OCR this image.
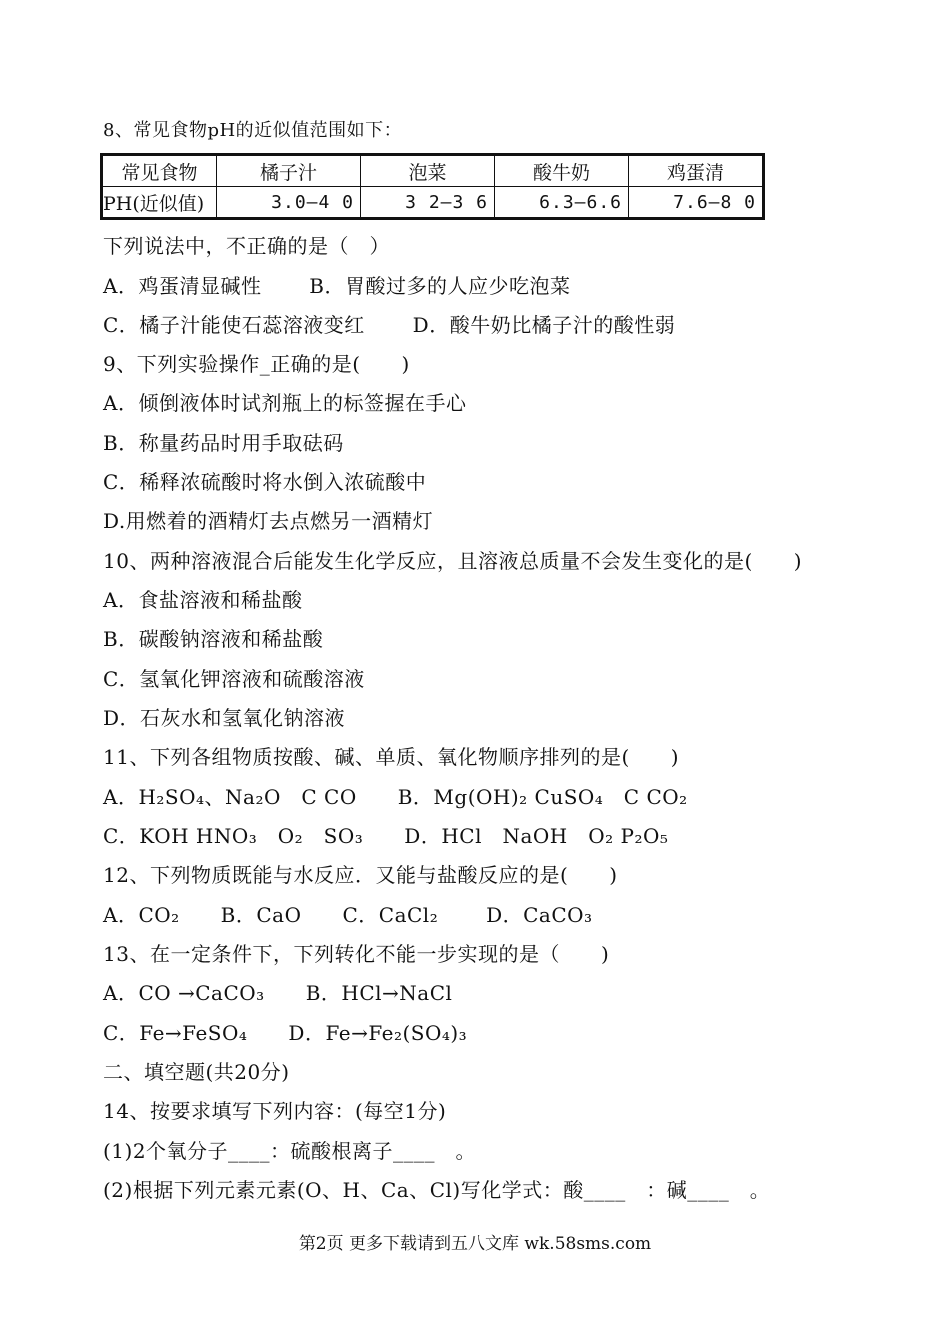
8、常见食物pH的近似值范围如下：
常见食物	橘子汁	泡菜	酸牛奶	鸡蛋清
PH(近似值)	3.0—4 0	3 2—3 6	6.3—6.6	7.6—8 0
下列说法中，不正确的是（　）
A．鸡蛋清显碱性　　 B．胃酸过多的人应少吃泡菜
C．橘子汁能使石蕊溶液变红　　 D．酸牛奶比橘子汁的酸性弱
9、下列实验操作_正确的是(　　)
A．倾倒液体时试剂瓶上的标签握在手心
B．称量药品时用手取砝码
C．稀释浓硫酸时将水倒入浓硫酸中
D.用燃着的酒精灯去点燃另一酒精灯
10、两种溶液混合后能发生化学反应，且溶液总质量不会发生变化的是(　　)
A．食盐溶液和稀盐酸
B．碳酸钠溶液和稀盐酸
C．氢氧化钾溶液和硫酸溶液
D．石灰水和氢氧化钠溶液
11、下列各组物质按酸、碱、单质、氧化物顺序排列的是(　　)
A．H₂SO₄、Na₂O　C CO　　B．Mg(OH)₂ CuSO₄　C CO₂
C．KOH HNO₃　O₂　SO₃　　D．HCl　NaOH　O₂ P₂O₅
12、下列物质既能与水反应．又能与盐酸反应的是(　　)
A．CO₂　　B．CaO　　C．CaCl₂　　 D．CaCO₃
13、在一定条件下，下列转化不能一步实现的是（　　)
A．CO →CaCO₃　　B．HCl→NaCl
C．Fe→FeSO₄　　D．Fe→Fe₂(SO₄)₃
二、填空题(共20分)
14、按要求填写下列内容：(每空1分)
(1)2个氧分子____：硫酸根离子____　。
(2)根据下列元素元素(O、H、Ca、Cl)写化学式：酸____　：碱____　。
第2页 更多下载请到五八文库 wk.58sms.com
